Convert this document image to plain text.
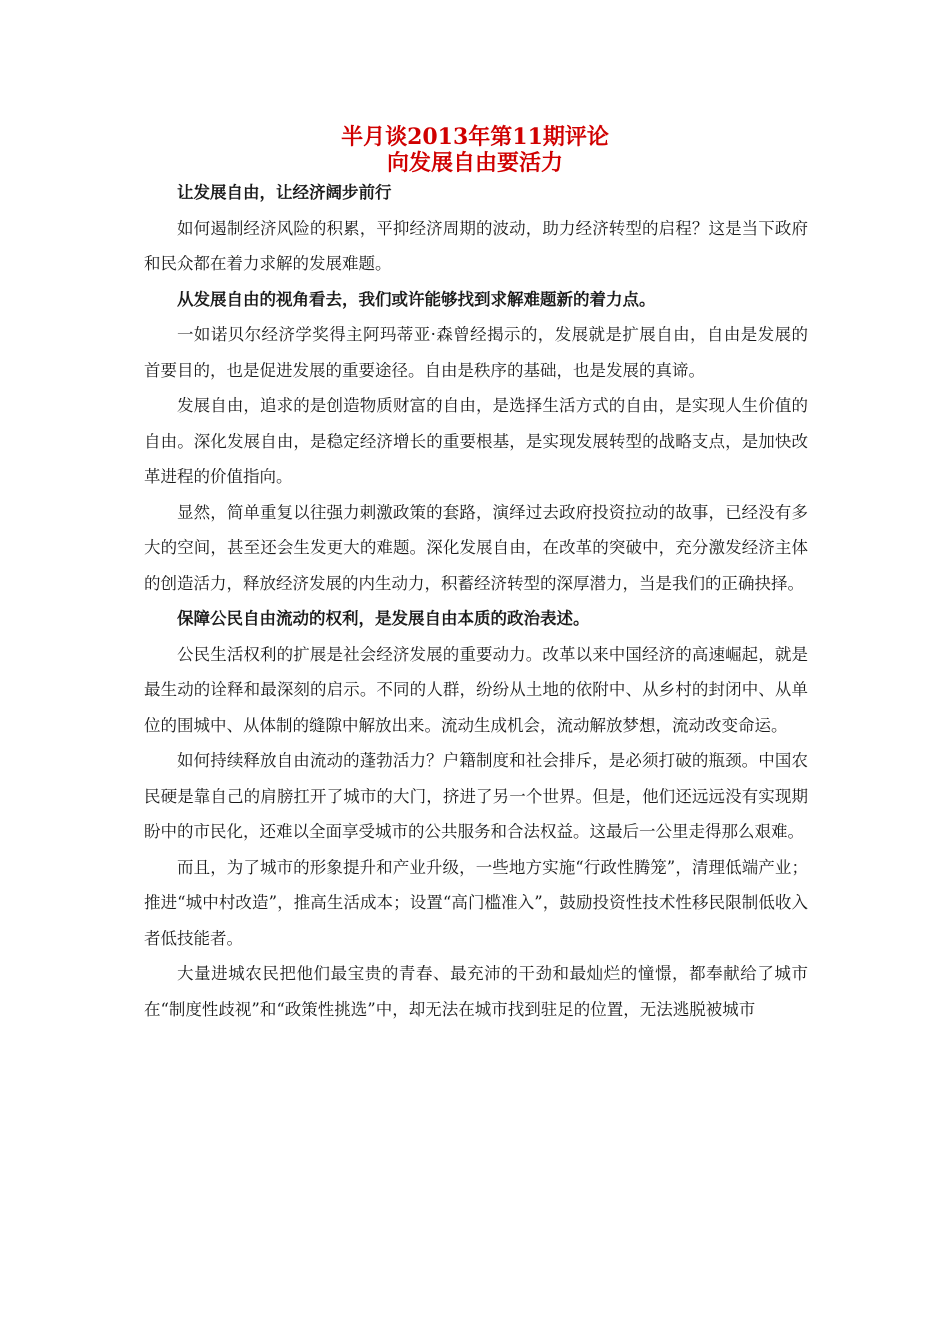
半月谈2013年第11期评论
向发展自由要活力

让发展自由，让经济阔步前行

如何遏制经济风险的积累，平抑经济周期的波动，助力经济转型的启程？这是当下政府和民众都在着力求解的发展难题。

从发展自由的视角看去，我们或许能够找到求解难题新的着力点。

一如诺贝尔经济学奖得主阿玛蒂亚·森曾经揭示的，发展就是扩展自由，自由是发展的首要目的，也是促进发展的重要途径。自由是秩序的基础，也是发展的真谛。

发展自由，追求的是创造物质财富的自由，是选择生活方式的自由，是实现人生价值的自由。深化发展自由，是稳定经济增长的重要根基，是实现发展转型的战略支点，是加快改革进程的价值指向。

显然，简单重复以往强力刺激政策的套路，演绎过去政府投资拉动的故事，已经没有多大的空间，甚至还会生发更大的难题。深化发展自由，在改革的突破中，充分激发经济主体的创造活力，释放经济发展的内生动力，积蓄经济转型的深厚潜力，当是我们的正确抉择。

保障公民自由流动的权利，是发展自由本质的政治表述。

公民生活权利的扩展是社会经济发展的重要动力。改革以来中国经济的高速崛起，就是最生动的诠释和最深刻的启示。不同的人群，纷纷从土地的依附中、从乡村的封闭中、从单位的围城中、从体制的缝隙中解放出来。流动生成机会，流动解放梦想，流动改变命运。

如何持续释放自由流动的蓬勃活力？户籍制度和社会排斥，是必须打破的瓶颈。中国农民硬是靠自己的肩膀扛开了城市的大门，挤进了另一个世界。但是，他们还远远没有实现期盼中的市民化，还难以全面享受城市的公共服务和合法权益。这最后一公里走得那么艰难。

而且，为了城市的形象提升和产业升级，一些地方实施“行政性腾笼”，清理低端产业；推进“城中村改造”，推高生活成本；设置“高门槛准入”，鼓励投资性技术性移民限制低收入者低技能者。

大量进城农民把他们最宝贵的青春、最充沛的干劲和最灿烂的憧憬，都奉献给了城市在“制度性歧视”和“政策性挑选”中，却无法在城市找到驻足的位置，无法逃脱被城市
